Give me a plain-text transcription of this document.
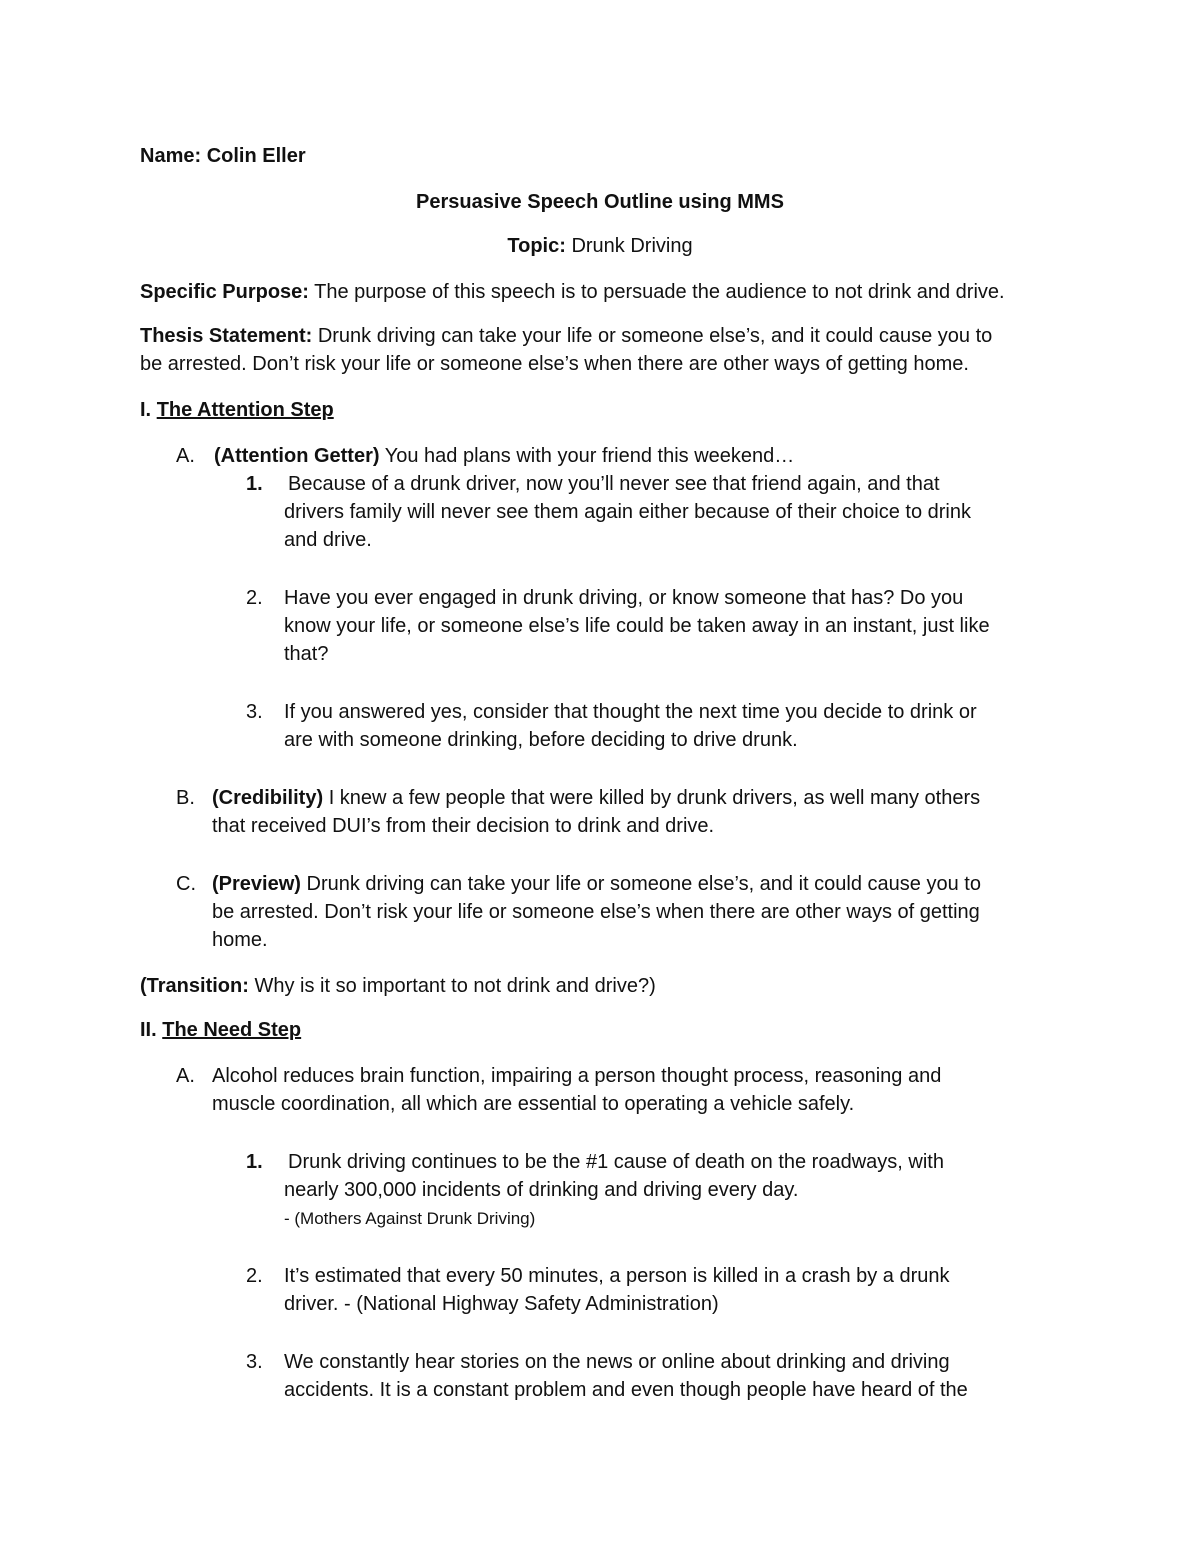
Name: Colin Eller

Persuasive Speech Outline using MMS

Topic: Drunk Driving

Specific Purpose: The purpose of this speech is to persuade the audience to not drink and drive.

Thesis Statement: Drunk driving can take your life or someone else’s, and it could cause you to

be arrested. Don’t risk your life or someone else’s when there are other ways of getting home.

I. The Attention Step

A. (Attention Getter) You had plans with your friend this weekend…

1. Because of a drunk driver, now you’ll never see that friend again, and that
drivers family will never see them again either because of their choice to drink
and drive.

2. Have you ever engaged in drunk driving, or know someone that has? Do you
know your life, or someone else’s life could be taken away in an instant, just like
that?

3. If you answered yes, consider that thought the next time you decide to drink or
are with someone drinking, before deciding to drive drunk.

B. (Credibility) I knew a few people that were killed by drunk drivers, as well many others
that received DUI’s from their decision to drink and drive.

C. (Preview) Drunk driving can take your life or someone else’s, and it could cause you to
be arrested. Don’t risk your life or someone else’s when there are other ways of getting
home.

(Transition: Why is it so important to not drink and drive?)

II. The Need Step

A. Alcohol reduces brain function, impairing a person thought process, reasoning and
muscle coordination, all which are essential to operating a vehicle safely.

1. Drunk driving continues to be the #1 cause of death on the roadways, with
nearly 300,000 incidents of drinking and driving every day.
- (Mothers Against Drunk Driving)

2. It’s estimated that every 50 minutes, a person is killed in a crash by a drunk
driver. - (National Highway Safety Administration)

3. We constantly hear stories on the news or online about drinking and driving
accidents. It is a constant problem and even though people have heard of the
